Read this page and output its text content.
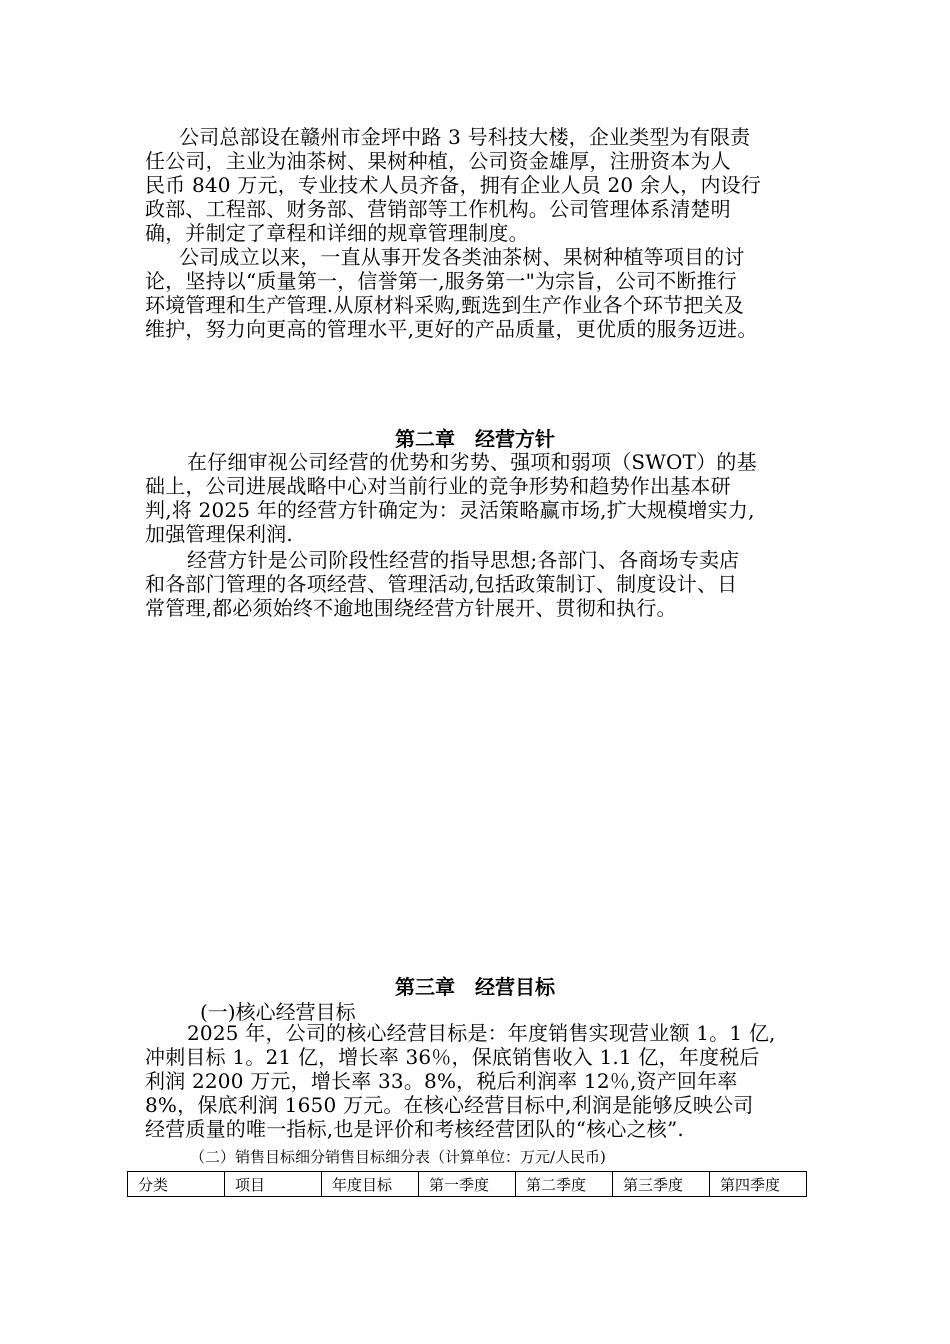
公司总部设在赣州市金坪中路 3 号科技大楼，企业类型为有限责
任公司，主业为油茶树、果树种植，公司资金雄厚，注册资本为人
民币 840 万元，专业技术人员齐备，拥有企业人员 20 余人，内设行
政部、工程部、财务部、营销部等工作机构。公司管理体系清楚明
确，并制定了章程和详细的规章管理制度。
公司成立以来，一直从事开发各类油茶树、果树种植等项目的讨
论，坚持以“质量第一，信誉第一,服务第一"为宗旨，公司不断推行
环境管理和生产管理.从原材料采购,甄选到生产作业各个环节把关及
维护，努力向更高的管理水平,更好的产品质量，更优质的服务迈进。
第二章　经营方针
在仔细审视公司经营的优势和劣势、强项和弱项（SWOT）的基
础上，公司进展战略中心对当前行业的竞争形势和趋势作出基本研
判,将 2025 年的经营方针确定为：灵活策略赢市场,扩大规模增实力,
加强管理保利润.
经营方针是公司阶段性经营的指导思想;各部门、各商场专卖店
和各部门管理的各项经营、管理活动,包括政策制订、制度设计、日
常管理,都必须始终不逾地围绕经营方针展开、贯彻和执行。
第三章　经营目标
(一)核心经营目标
2025 年，公司的核心经营目标是：年度销售实现营业额 1。1 亿,
冲刺目标 1。21 亿，增长率 36％，保底销售收入 1.1 亿，年度税后
利润 2200 万元，增长率 33。8%，税后利润率 12％,资产回年率
8%，保底利润 1650 万元。在核心经营目标中,利润是能够反映公司
经营质量的唯一指标,也是评价和考核经营团队的“核心之核”.
（二）销售目标细分销售目标细分表（计算单位：万元/人民币)
分类	项目	年度目标	第一季度	第二季度	第三季度	第四季度
